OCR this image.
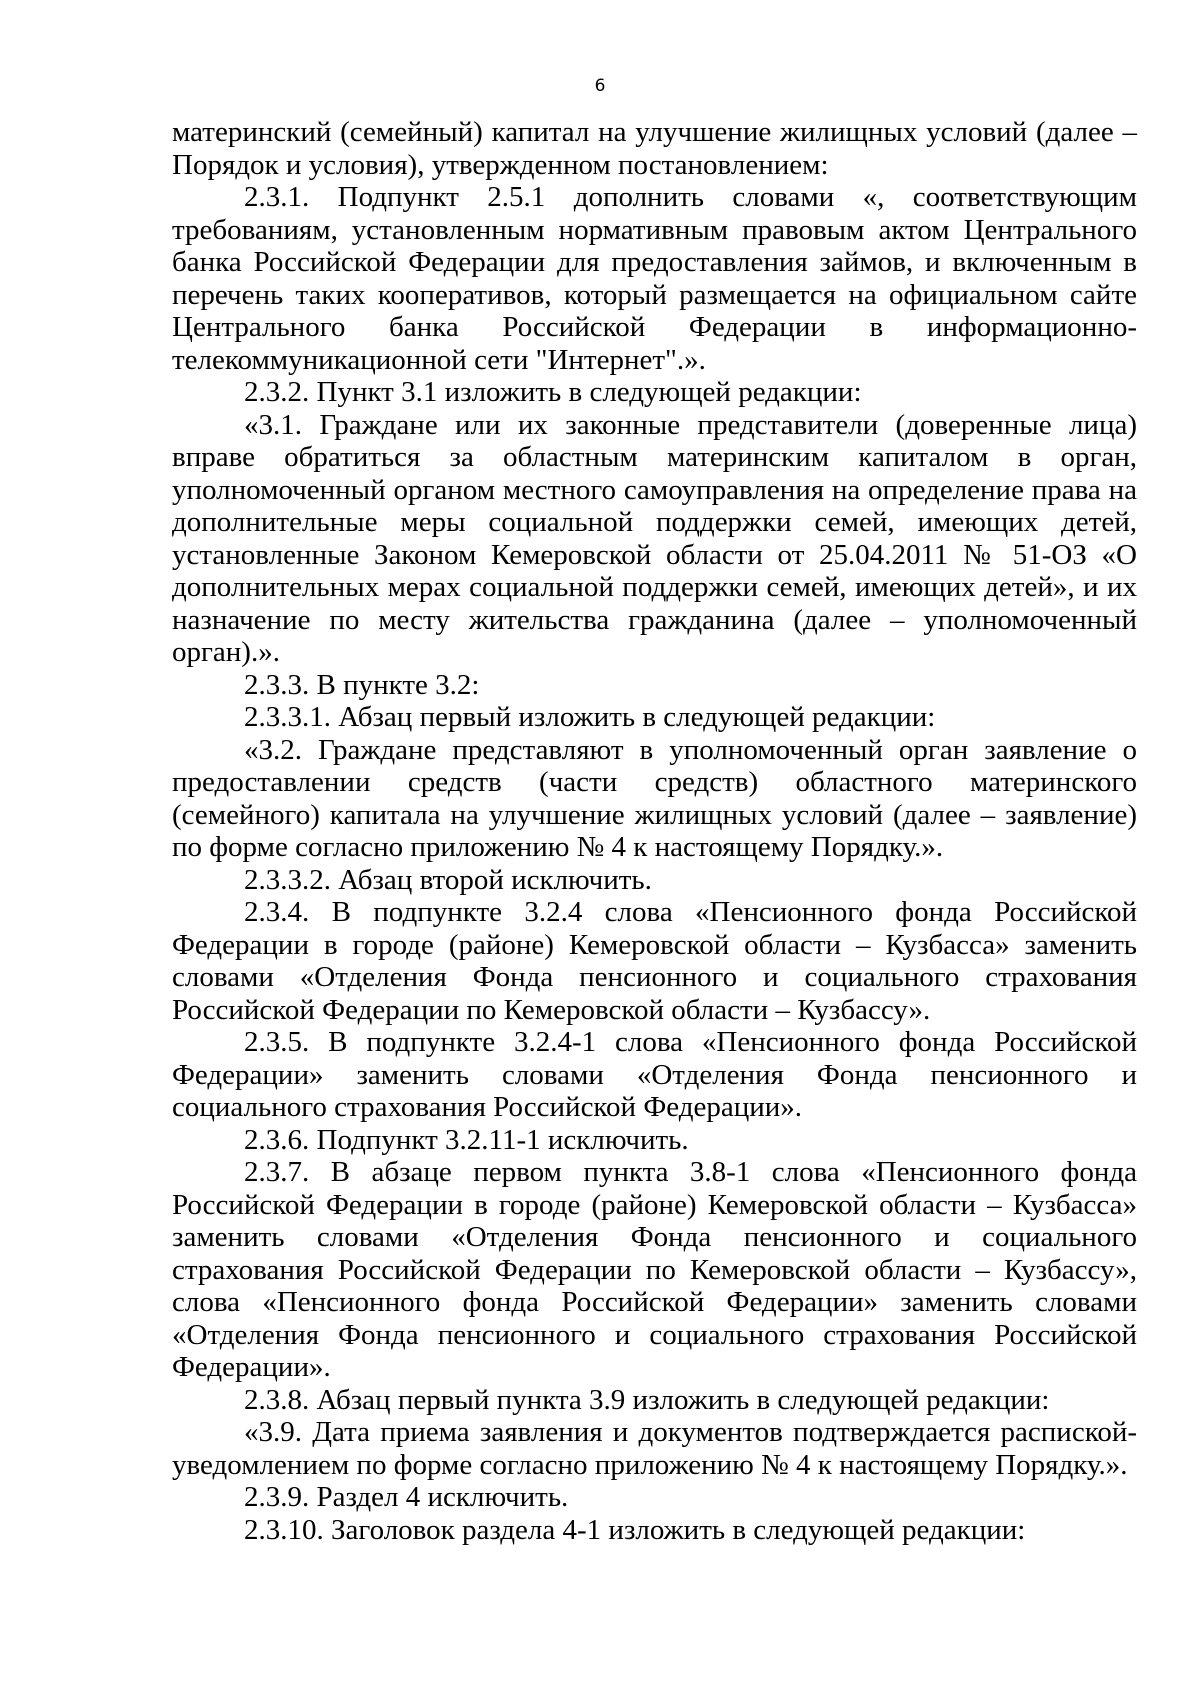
6

материнский (семейный) капитал на улучшение жилищных условий (далее – Порядок и условия), утвержденном постановлением:

2.3.1. Подпункт 2.5.1 дополнить словами «, соответствующим требованиям, установленным нормативным правовым актом Центрального банка Российской Федерации для предоставления займов, и включенным в перечень таких кооперативов, который размещается на официальном сайте Центрального банка Российской Федерации в информационно-телекоммуникационной сети "Интернет".».

2.3.2. Пункт 3.1 изложить в следующей редакции:

«3.1. Граждане или их законные представители (доверенные лица) вправе обратиться за областным материнским капиталом в орган, уполномоченный органом местного самоуправления на определение права на дополнительные меры социальной поддержки семей, имеющих детей, установленные Законом Кемеровской области от 25.04.2011 № 51-ОЗ «О дополнительных мерах социальной поддержки семей, имеющих детей», и их назначение по месту жительства гражданина (далее – уполномоченный орган).».

2.3.3. В пункте 3.2:

2.3.3.1. Абзац первый изложить в следующей редакции:

«3.2. Граждане представляют в уполномоченный орган заявление о предоставлении средств (части средств) областного материнского (семейного) капитала на улучшение жилищных условий (далее – заявление) по форме согласно приложению № 4 к настоящему Порядку.».

2.3.3.2. Абзац второй исключить.

2.3.4. В подпункте 3.2.4 слова «Пенсионного фонда Российской Федерации в городе (районе) Кемеровской области – Кузбасса» заменить словами «Отделения Фонда пенсионного и социального страхования Российской Федерации по Кемеровской области – Кузбассу».

2.3.5. В подпункте 3.2.4-1 слова «Пенсионного фонда Российской Федерации» заменить словами «Отделения Фонда пенсионного и социального страхования Российской Федерации».

2.3.6. Подпункт 3.2.11-1 исключить.

2.3.7. В абзаце первом пункта 3.8-1 слова «Пенсионного фонда Российской Федерации в городе (районе) Кемеровской области – Кузбасса» заменить словами «Отделения Фонда пенсионного и социального страхования Российской Федерации по Кемеровской области – Кузбассу», слова «Пенсионного фонда Российской Федерации» заменить словами «Отделения Фонда пенсионного и социального страхования Российской Федерации».

2.3.8. Абзац первый пункта 3.9 изложить в следующей редакции:

«3.9. Дата приема заявления и документов подтверждается распиской-уведомлением по форме согласно приложению № 4 к настоящему Порядку.».

2.3.9. Раздел 4 исключить.

2.3.10. Заголовок раздела 4-1 изложить в следующей редакции:
